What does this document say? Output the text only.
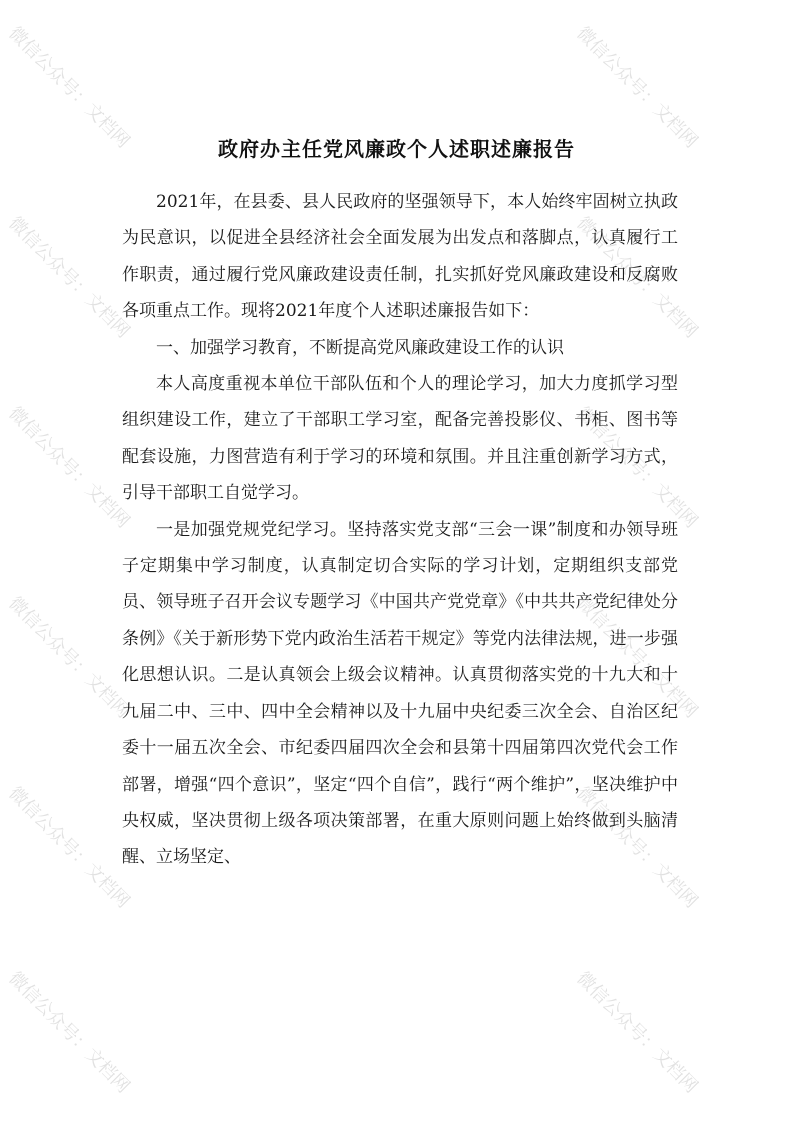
政府办主任党风廉政个人述职述廉报告

2021年，在县委、县人民政府的坚强领导下，本人始终牢固树立执政为民意识，以促进全县经济社会全面发展为出发点和落脚点，认真履行工作职责，通过履行党风廉政建设责任制，扎实抓好党风廉政建设和反腐败各项重点工作。现将2021年度个人述职述廉报告如下：

一、加强学习教育，不断提高党风廉政建设工作的认识

本人高度重视本单位干部队伍和个人的理论学习，加大力度抓学习型组织建设工作，建立了干部职工学习室，配备完善投影仪、书柜、图书等配套设施，力图营造有利于学习的环境和氛围。并且注重创新学习方式，引导干部职工自觉学习。

一是加强党规党纪学习。坚持落实党支部“三会一课”制度和办领导班子定期集中学习制度，认真制定切合实际的学习计划，定期组织支部党员、领导班子召开会议专题学习《中国共产党党章》《中共共产党纪律处分条例》《关于新形势下党内政治生活若干规定》等党内法律法规，进一步强化思想认识。二是认真领会上级会议精神。认真贯彻落实党的十九大和十九届二中、三中、四中全会精神以及十九届中央纪委三次全会、自治区纪委十一届五次全会、市纪委四届四次全会和县第十四届第四次党代会工作部署，增强“四个意识”，坚定“四个自信”，践行“两个维护”，坚决维护中央权威，坚决贯彻上级各项决策部署，在重大原则问题上始终做到头脑清醒、立场坚定、

微信公众号：文档网	微信公众号：文档网
微信公众号：文档网	微信公众号：文档网
微信公众号：文档网	微信公众号：文档网
微信公众号：文档网	微信公众号：文档网
微信公众号：文档网	微信公众号：文档网
微信公众号：文档网	微信公众号：文档网
